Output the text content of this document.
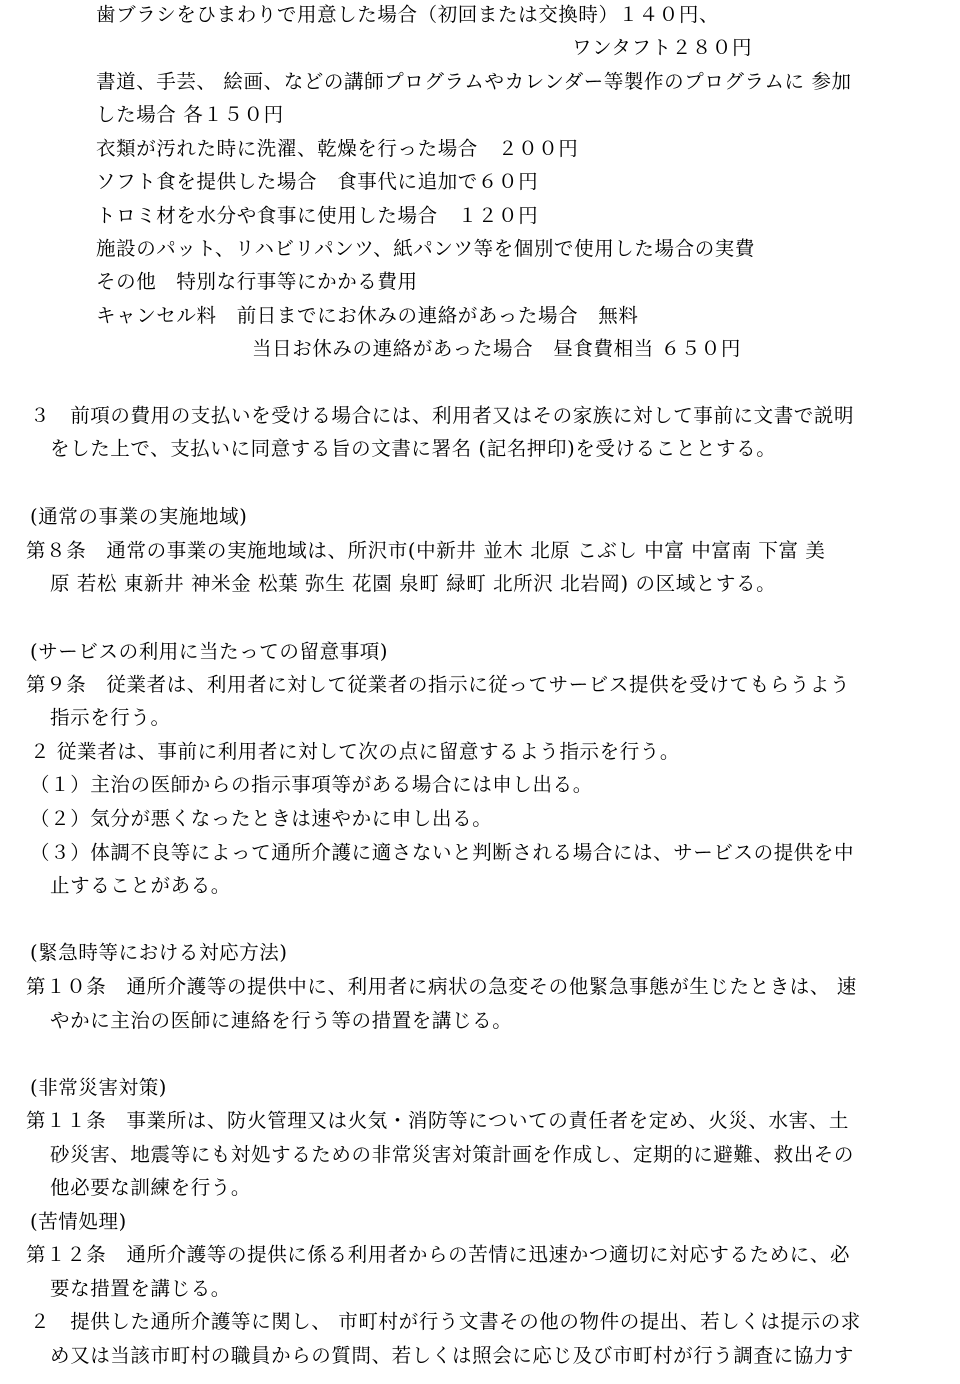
歯ブラシをひまわりで用意した場合（初回または交換時）１４０円、
ワンタフト２８０円
書道、手芸、 絵画、などの講師プログラムやカレンダー等製作のプログラムに 参加
した場合 各１５０円
衣類が汚れた時に洗濯、乾燥を行った場合　２００円
ソフト食を提供した場合　食事代に追加で６０円
トロミ材を水分や食事に使用した場合　１２０円
施設のパット、リハビリパンツ、紙パンツ等を個別で使用した場合の実費
その他　特別な行事等にかかる費用
キャンセル料　前日までにお休みの連絡があった場合　無料
当日お休みの連絡があった場合　昼食費相当 ６５０円
３　前項の費用の支払いを受ける場合には、利用者又はその家族に対して事前に文書で説明
をした上で、支払いに同意する旨の文書に署名 (記名押印)を受けることとする。
(通常の事業の実施地域)
第８条　通常の事業の実施地域は、所沢市(中新井 並木 北原 こぶし 中富 中富南 下富 美
原 若松 東新井 神米金 松葉 弥生 花園 泉町 緑町 北所沢 北岩岡) の区域とする。
(サービスの利用に当たっての留意事項)
第９条　従業者は、利用者に対して従業者の指示に従ってサービス提供を受けてもらうよう
指示を行う。
２ 従業者は、事前に利用者に対して次の点に留意するよう指示を行う。
（１）主治の医師からの指示事項等がある場合には申し出る。
（２）気分が悪くなったときは速やかに申し出る。
（３）体調不良等によって通所介護に適さないと判断される場合には、サービスの提供を中
止することがある。
(緊急時等における対応方法)
第１０条　通所介護等の提供中に、利用者に病状の急変その他緊急事態が生じたときは、 速
やかに主治の医師に連絡を行う等の措置を講じる。
(非常災害対策)
第１１条　事業所は、防火管理又は火気・消防等についての責任者を定め、火災、水害、土
砂災害、地震等にも対処するための非常災害対策計画を作成し、定期的に避難、救出その
他必要な訓練を行う。
(苦情処理)
第１２条　通所介護等の提供に係る利用者からの苦情に迅速かつ適切に対応するために、必
要な措置を講じる。
２　提供した通所介護等に関し、 市町村が行う文書その他の物件の提出、若しくは提示の求
め又は当該市町村の職員からの質問、若しくは照会に応じ及び市町村が行う調査に協力す
